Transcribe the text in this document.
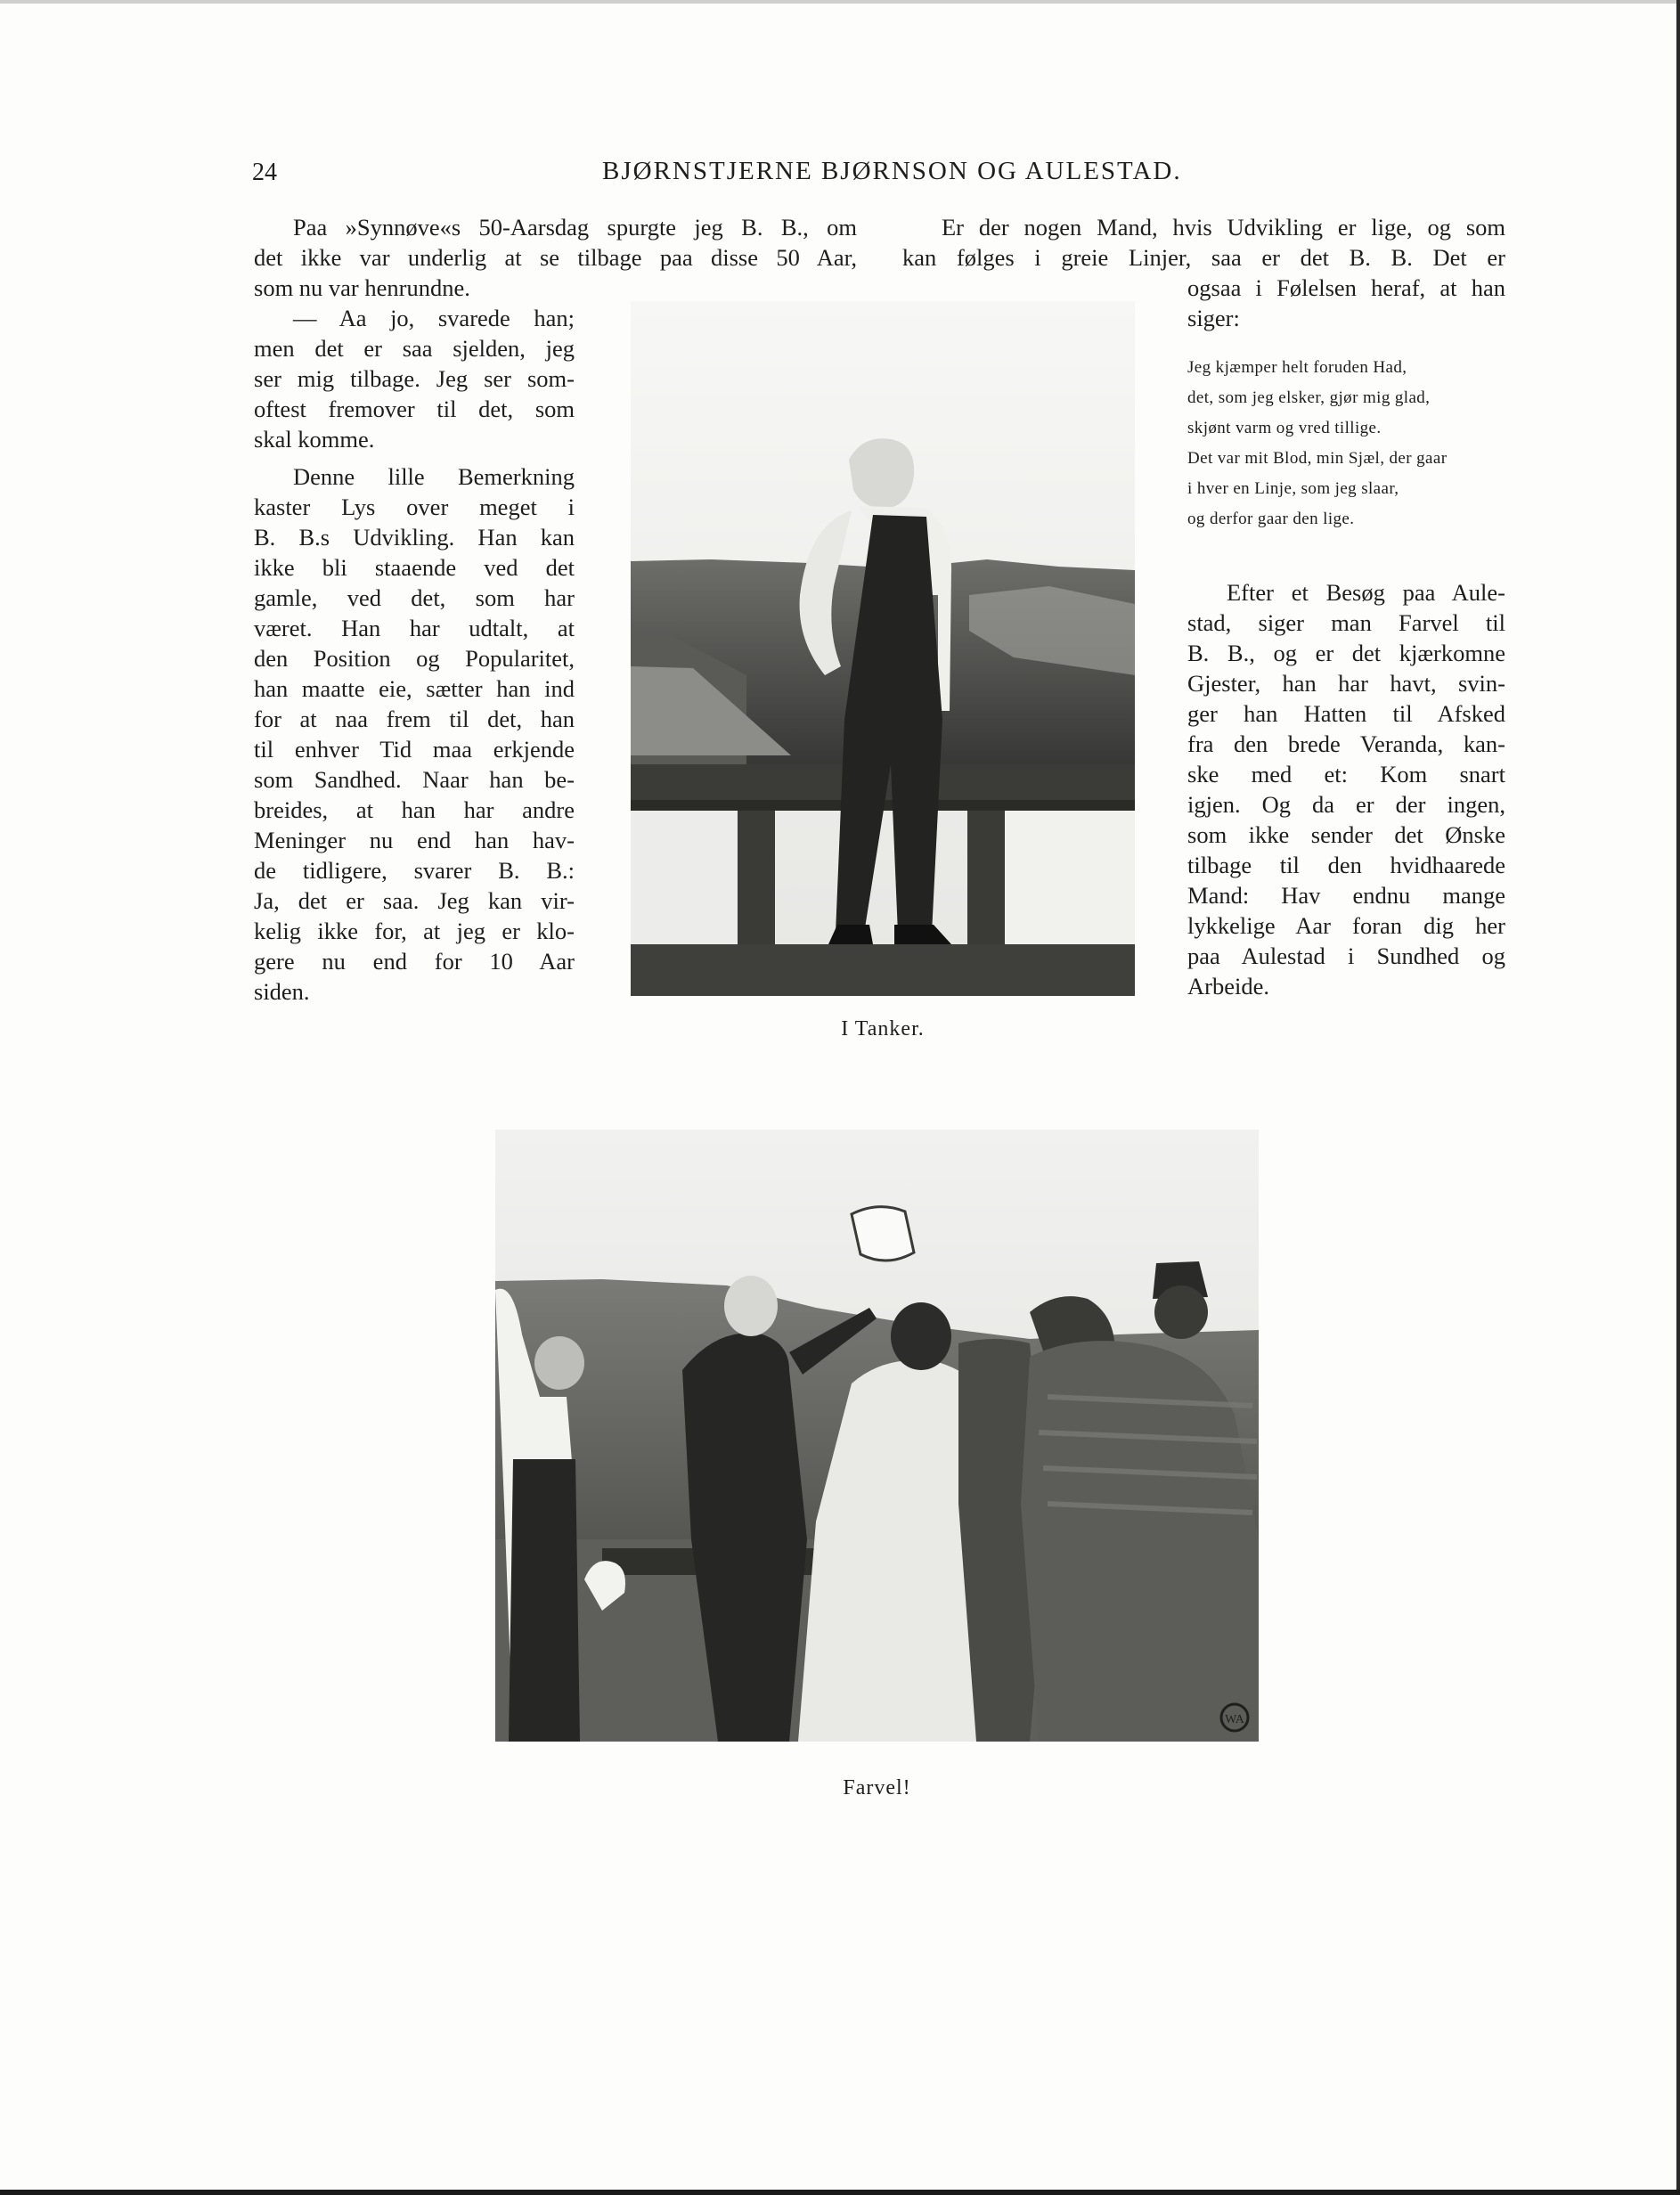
24	BJØRNSTJERNE BJØRNSON OG AULESTAD.

Paa »Synnøve«s 50-Aarsdag spurgte jeg B. B., om

det ikke var underlig at se tilbage paa disse 50 Aar,

som nu var henrundne.

— Aa jo, svarede han;

men det er saa sjelden, jeg

ser mig tilbage. Jeg ser som-

oftest fremover til det, som

skal komme.

Denne lille Bemerkning

kaster Lys over meget i

B. B.s Udvikling. Han kan

ikke bli staaende ved det

gamle, ved det, som har

været. Han har udtalt, at

den Position og Popularitet,

han maatte eie, sætter han ind

for at naa frem til det, han

til enhver Tid maa erkjende

som Sandhed. Naar han be-

breides, at han har andre

Meninger nu end han hav-

de tidligere, svarer B. B.:

Ja, det er saa. Jeg kan vir-

kelig ikke for, at jeg er klo-

gere nu end for 10 Aar

siden.

Er der nogen Mand, hvis Udvikling er lige, og som

kan følges i greie Linjer, saa er det B. B. Det er

ogsaa i Følelsen heraf, at han

siger:

Jeg kjæmper helt foruden Had,
det, som jeg elsker, gjør mig glad,
skjønt varm og vred tillige.
Det var mit Blod, min Sjæl, der gaar
i hver en Linje, som jeg slaar,
og derfor gaar den lige.

Efter et Besøg paa Aule-

stad, siger man Farvel til

B. B., og er det kjærkomne

Gjester, han har havt, svin-

ger han Hatten til Afsked

fra den brede Veranda, kan-

ske med et: Kom snart

igjen. Og da er der ingen,

som ikke sender det Ønske

tilbage til den hvidhaarede

Mand: Hav endnu mange

lykkelige Aar foran dig her

paa Aulestad i Sundhed og

Arbeide.

I Tanker.
WA
Farvel!
